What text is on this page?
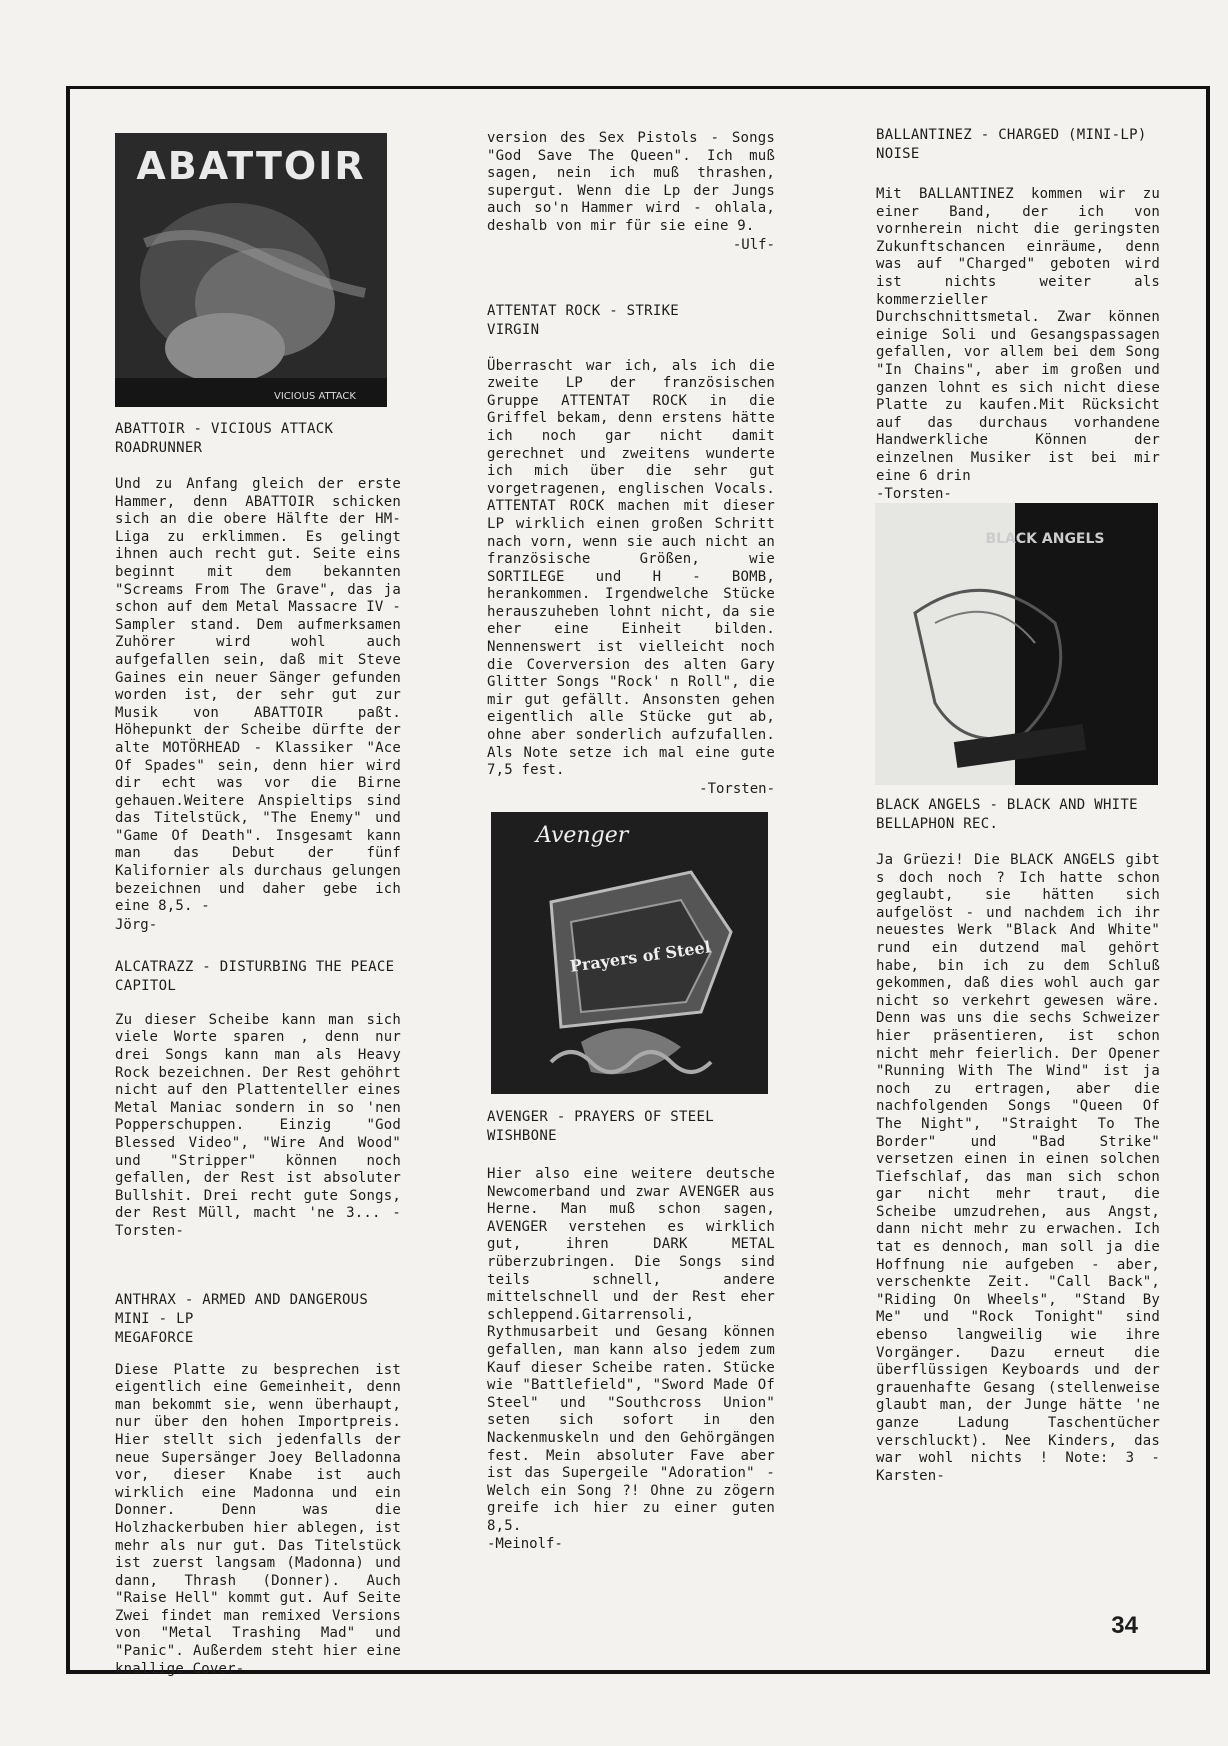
ABATTOIR
VICIOUS ATTACK
ABATTOIR - VICIOUS ATTACK
ROADRUNNER
Und zu Anfang gleich der erste Hammer, denn ABATTOIR schicken sich an die obere Hälfte der HM-Liga zu erklimmen. Es gelingt ihnen auch recht gut. Seite eins beginnt mit dem bekannten "Screams From The Grave", das ja schon auf dem Metal Massacre IV - Sampler stand. Dem aufmerksamen Zuhörer wird wohl auch aufgefallen sein, daß mit Steve Gaines ein neuer Sänger gefunden worden ist, der sehr gut zur Musik von ABATTOIR paßt. Höhepunkt der Scheibe dürfte der alte MOTÖRHEAD - Klassiker "Ace Of Spades" sein, denn hier wird dir echt was vor die Birne gehauen.Weitere Anspieltips sind das Titelstück, "The Enemy" und "Game Of Death". Insgesamt kann man das Debut der fünf Kalifornier als durchaus gelungen bezeichnen und daher gebe ich eine 8,5. -
Jörg-
ALCATRAZZ - DISTURBING THE PEACE
CAPITOL
Zu dieser Scheibe kann man sich viele Worte sparen , denn nur drei Songs kann man als Heavy Rock bezeichnen. Der Rest gehöhrt nicht auf den Plattenteller eines Metal Maniac sondern in so 'nen Popperschuppen. Einzig "God Blessed Video", "Wire And Wood" und "Stripper" können noch gefallen, der Rest ist absoluter Bullshit. Drei recht gute Songs, der Rest Müll, macht 'ne 3... -Torsten-
ANTHRAX - ARMED AND DANGEROUS
MINI - LP
MEGAFORCE
Diese Platte zu besprechen ist eigentlich eine Gemeinheit, denn man bekommt sie, wenn überhaupt, nur über den hohen Importpreis. Hier stellt sich jedenfalls der neue Supersänger Joey Belladonna vor, dieser Knabe ist auch wirklich eine Madonna und ein Donner. Denn was die Holzhackerbuben hier ablegen, ist mehr als nur gut. Das Titelstück ist zuerst langsam (Madonna) und dann, Thrash (Donner). Auch "Raise Hell" kommt gut. Auf Seite Zwei findet man remixed Versions von "Metal Trashing Mad" und "Panic". Außerdem steht hier eine knallige Cover-
version des Sex Pistols - Songs "God Save The Queen". Ich muß sagen, nein ich muß thrashen, supergut. Wenn die Lp der Jungs auch so'n Hammer wird - ohlala, deshalb von mir für sie eine 9.
-Ulf-
ATTENTAT ROCK - STRIKE
VIRGIN
Überrascht war ich, als ich die zweite LP der französischen Gruppe ATTENTAT ROCK in die Griffel bekam, denn erstens hätte ich noch gar nicht damit gerechnet und zweitens wunderte ich mich über die sehr gut vorgetragenen, englischen Vocals. ATTENTAT ROCK machen mit dieser LP wirklich einen großen Schritt nach vorn, wenn sie auch nicht an französische Größen, wie SORTILEGE und H - BOMB, herankommen. Irgendwelche Stücke herauszuheben lohnt nicht, da sie eher eine Einheit bilden. Nennenswert ist vielleicht noch die Coverversion des alten Gary Glitter Songs "Rock' n Roll", die mir gut gefällt. Ansonsten gehen eigentlich alle Stücke gut ab, ohne aber sonderlich aufzufallen. Als Note setze ich mal eine gute 7,5 fest.
-Torsten-
Avenger
Prayers of Steel
AVENGER - PRAYERS OF STEEL
WISHBONE
Hier also eine weitere deutsche Newcomerband und zwar AVENGER aus Herne. Man muß schon sagen, AVENGER verstehen es wirklich gut, ihren DARK METAL rüberzubringen. Die Songs sind teils schnell, andere mittelschnell und der Rest eher schleppend.Gitarrensoli, Rythmusarbeit und Gesang können gefallen, man kann also jedem zum Kauf dieser Scheibe raten. Stücke wie "Battlefield", "Sword Made Of Steel" und "Southcross Union" seten sich sofort in den Nackenmuskeln und den Gehörgängen fest. Mein absoluter Fave aber ist das Supergeile "Adoration" - Welch ein Song ?! Ohne zu zögern greife ich hier zu einer guten 8,5.
-Meinolf-
BALLANTINEZ - CHARGED (MINI-LP)
NOISE
Mit BALLANTINEZ kommen wir zu einer Band, der ich von vornherein nicht die geringsten Zukunftschancen einräume, denn was auf "Charged" geboten wird ist nichts weiter als kommerzieller Durchschnittsmetal. Zwar können einige Soli und Gesangspassagen gefallen, vor allem bei dem Song "In Chains", aber im großen und ganzen lohnt es sich nicht diese Platte zu kaufen.Mit Rücksicht auf das durchaus vorhandene Handwerkliche Können der einzelnen Musiker ist bei mir eine 6 drin
-Torsten-
BLACK ANGELS
BLACK ANGELS - BLACK AND WHITE
BELLAPHON REC.
Ja Grüezi! Die BLACK ANGELS gibt s doch noch ? Ich hatte schon geglaubt, sie hätten sich aufgelöst - und nachdem ich ihr neuestes Werk "Black And White" rund ein dutzend mal gehört habe, bin ich zu dem Schluß gekommen, daß dies wohl auch gar nicht so verkehrt gewesen wäre. Denn was uns die sechs Schweizer hier präsentieren, ist schon nicht mehr feierlich. Der Opener "Running With The Wind" ist ja noch zu ertragen, aber die nachfolgenden Songs "Queen Of The Night", "Straight To The Border" und "Bad Strike" versetzen einen in einen solchen Tiefschlaf, das man sich schon gar nicht mehr traut, die Scheibe umzudrehen, aus Angst, dann nicht mehr zu erwachen. Ich tat es dennoch, man soll ja die Hoffnung nie aufgeben - aber, verschenkte Zeit. "Call Back", "Riding On Wheels", "Stand By Me" und "Rock Tonight" sind ebenso langweilig wie ihre Vorgänger. Dazu erneut die überflüssigen Keyboards und der grauenhafte Gesang (stellenweise glaubt man, der Junge hätte 'ne ganze Ladung Taschentücher verschluckt). Nee Kinders, das war wohl nichts ! Note: 3 -Karsten-
34
